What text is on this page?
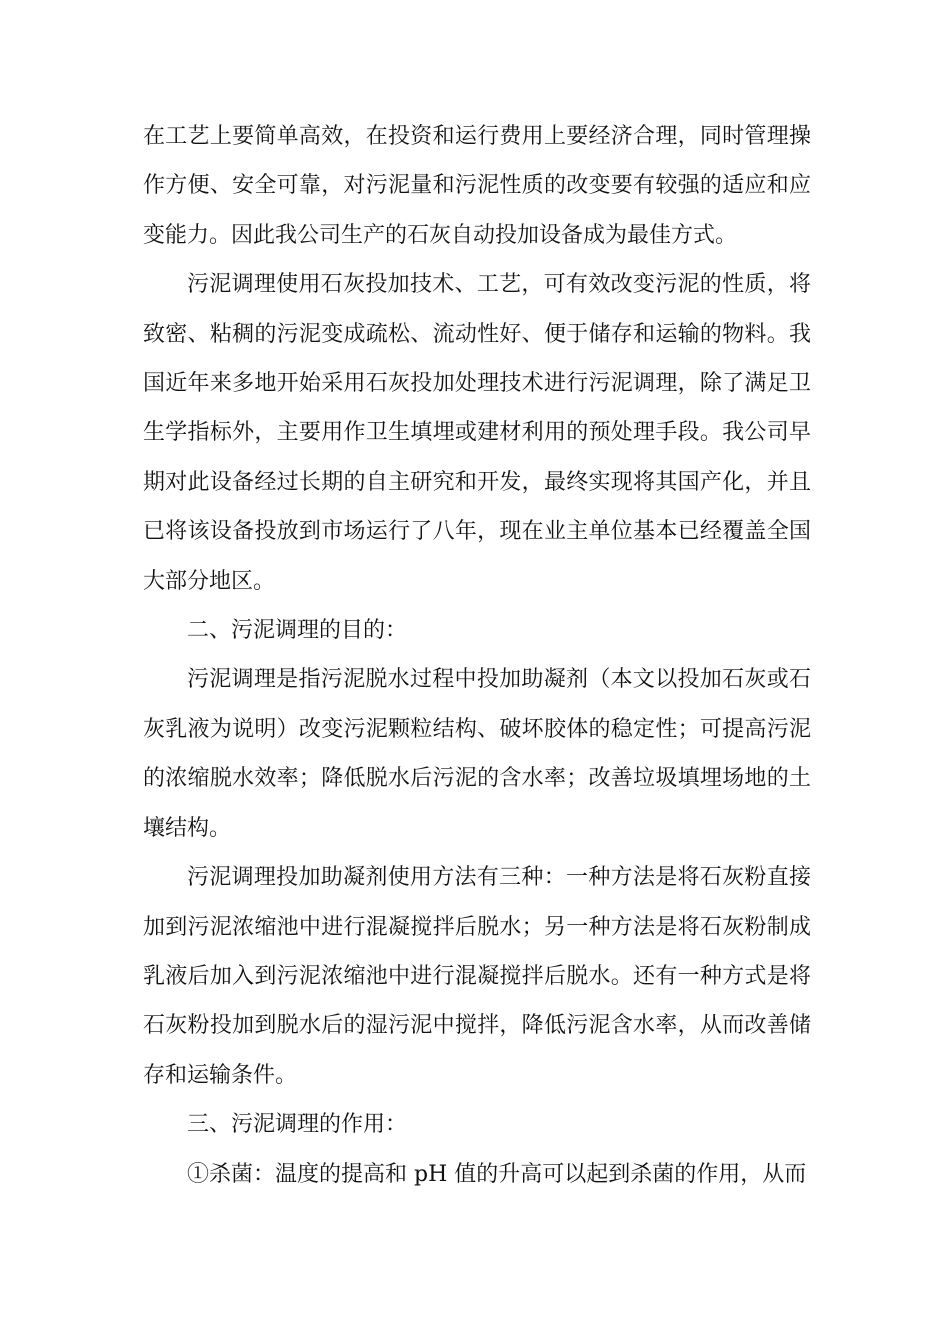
在工艺上要简单高效，在投资和运行费用上要经济合理，同时管理操作方便、安全可靠，对污泥量和污泥性质的改变要有较强的适应和应变能力。因此我公司生产的石灰自动投加设备成为最佳方式。

污泥调理使用石灰投加技术、工艺，可有效改变污泥的性质，将致密、粘稠的污泥变成疏松、流动性好、便于储存和运输的物料。我国近年来多地开始采用石灰投加处理技术进行污泥调理，除了满足卫生学指标外，主要用作卫生填埋或建材利用的预处理手段。我公司早期对此设备经过长期的自主研究和开发，最终实现将其国产化，并且已将该设备投放到市场运行了八年，现在业主单位基本已经覆盖全国大部分地区。

二、污泥调理的目的：

污泥调理是指污泥脱水过程中投加助凝剂（本文以投加石灰或石灰乳液为说明）改变污泥颗粒结构、破坏胶体的稳定性；可提高污泥的浓缩脱水效率；降低脱水后污泥的含水率；改善垃圾填埋场地的土壤结构。

污泥调理投加助凝剂使用方法有三种：一种方法是将石灰粉直接加到污泥浓缩池中进行混凝搅拌后脱水；另一种方法是将石灰粉制成乳液后加入到污泥浓缩池中进行混凝搅拌后脱水。还有一种方式是将石灰粉投加到脱水后的湿污泥中搅拌，降低污泥含水率，从而改善储存和运输条件。

三、污泥调理的作用：

①杀菌：温度的提高和 pH 值的升高可以起到杀菌的作用，从而
